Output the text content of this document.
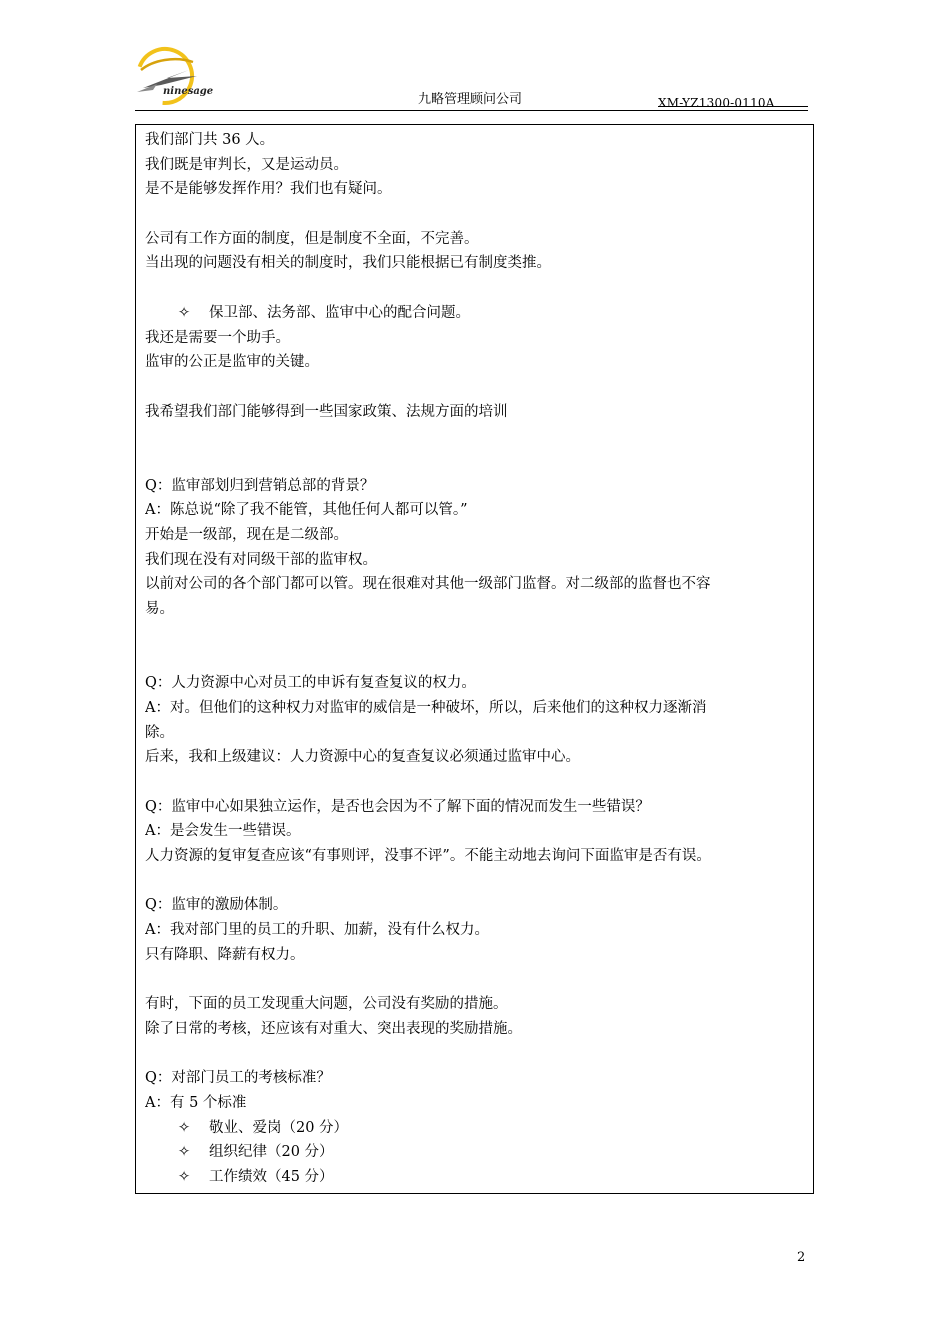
ninesage
九略管理顾问公司	XM-YZ1300-0110A
我们部门共 36 人。
我们既是审判长，又是运动员。
是不是能够发挥作用？我们也有疑问。
公司有工作方面的制度，但是制度不全面，不完善。
当出现的问题没有相关的制度时，我们只能根据已有制度类推。
✧ 保卫部、法务部、监审中心的配合问题。
我还是需要一个助手。
监审的公正是监审的关键。
我希望我们部门能够得到一些国家政策、法规方面的培训
Q：监审部划归到营销总部的背景？
A：陈总说“除了我不能管，其他任何人都可以管。”
开始是一级部，现在是二级部。
我们现在没有对同级干部的监审权。
以前对公司的各个部门都可以管。现在很难对其他一级部门监督。对二级部的监督也不容
易。
Q：人力资源中心对员工的申诉有复查复议的权力。
A：对。但他们的这种权力对监审的威信是一种破坏，所以，后来他们的这种权力逐渐消
除。
后来，我和上级建议：人力资源中心的复查复议必须通过监审中心。
Q：监审中心如果独立运作，是否也会因为不了解下面的情况而发生一些错误？
A：是会发生一些错误。
人力资源的复审复查应该“有事则评，没事不评”。不能主动地去询问下面监审是否有误。
Q：监审的激励体制。
A：我对部门里的员工的升职、加薪，没有什么权力。
只有降职、降薪有权力。
有时，下面的员工发现重大问题，公司没有奖励的措施。
除了日常的考核，还应该有对重大、突出表现的奖励措施。
Q：对部门员工的考核标准？
A：有 5 个标准
✧ 敬业、爱岗（20 分）
✧ 组织纪律（20 分）
✧ 工作绩效（45 分）
2
